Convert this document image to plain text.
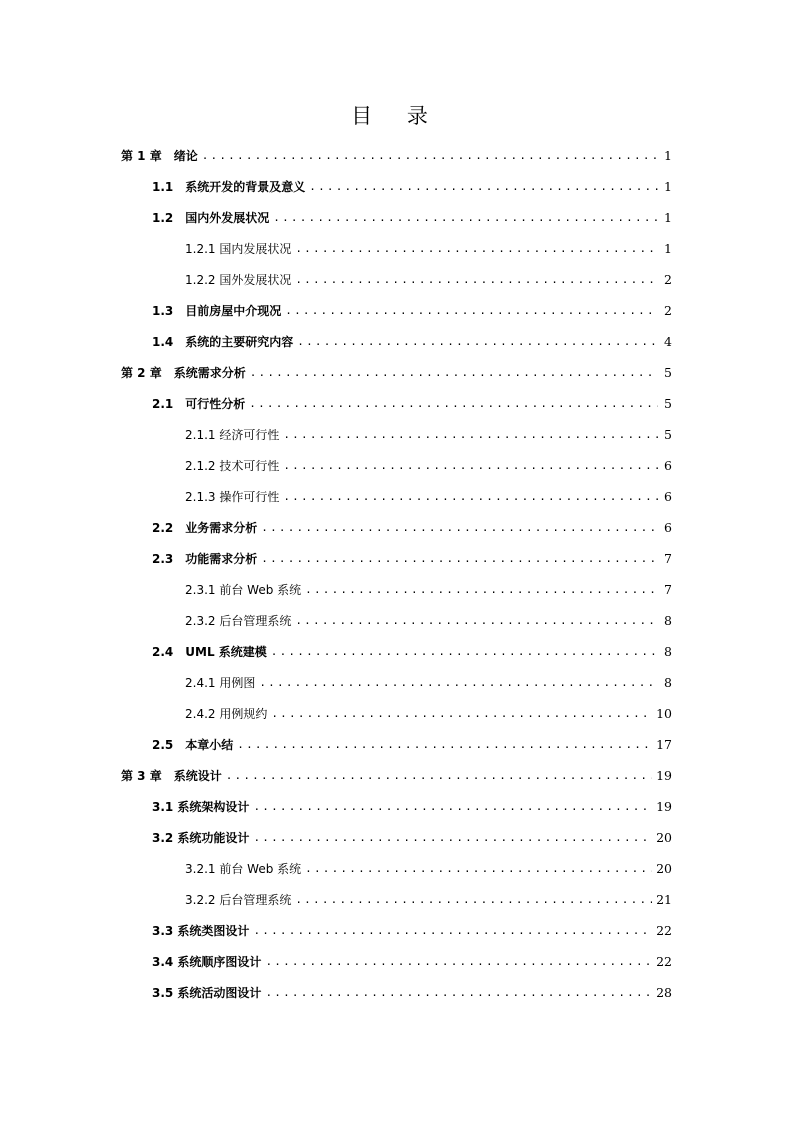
目 录
第 1 章　绪论 .....	1
1.1　系统开发的背景及意义 .....	1
1.2　国内外发展状况 .....	1
1.2.1 国内发展状况 .....	1
1.2.2 国外发展状况 .....	2
1.3　目前房屋中介现况 .....	2
1.4　系统的主要研究内容 .....	4
第 2 章　系统需求分析 .....	5
2.1　可行性分析 .....	5
2.1.1 经济可行性 .....	5
2.1.2 技术可行性 .....	6
2.1.3 操作可行性 .....	6
2.2　业务需求分析 .....	6
2.3　功能需求分析 .....	7
2.3.1 前台 Web 系统 .....	7
2.3.2 后台管理系统 .....	8
2.4　UML 系统建模 .....	8
2.4.1 用例图 .....	8
2.4.2 用例规约 .....	10
2.5　本章小结 .....	17
第 3 章　系统设计 .....	19
3.1 系统架构设计 .....	19
3.2 系统功能设计 .....	20
3.2.1 前台 Web 系统 .....	20
3.2.2 后台管理系统 .....	21
3.3 系统类图设计 .....	22
3.4 系统顺序图设计 .....	22
3.5 系统活动图设计 .....	28
